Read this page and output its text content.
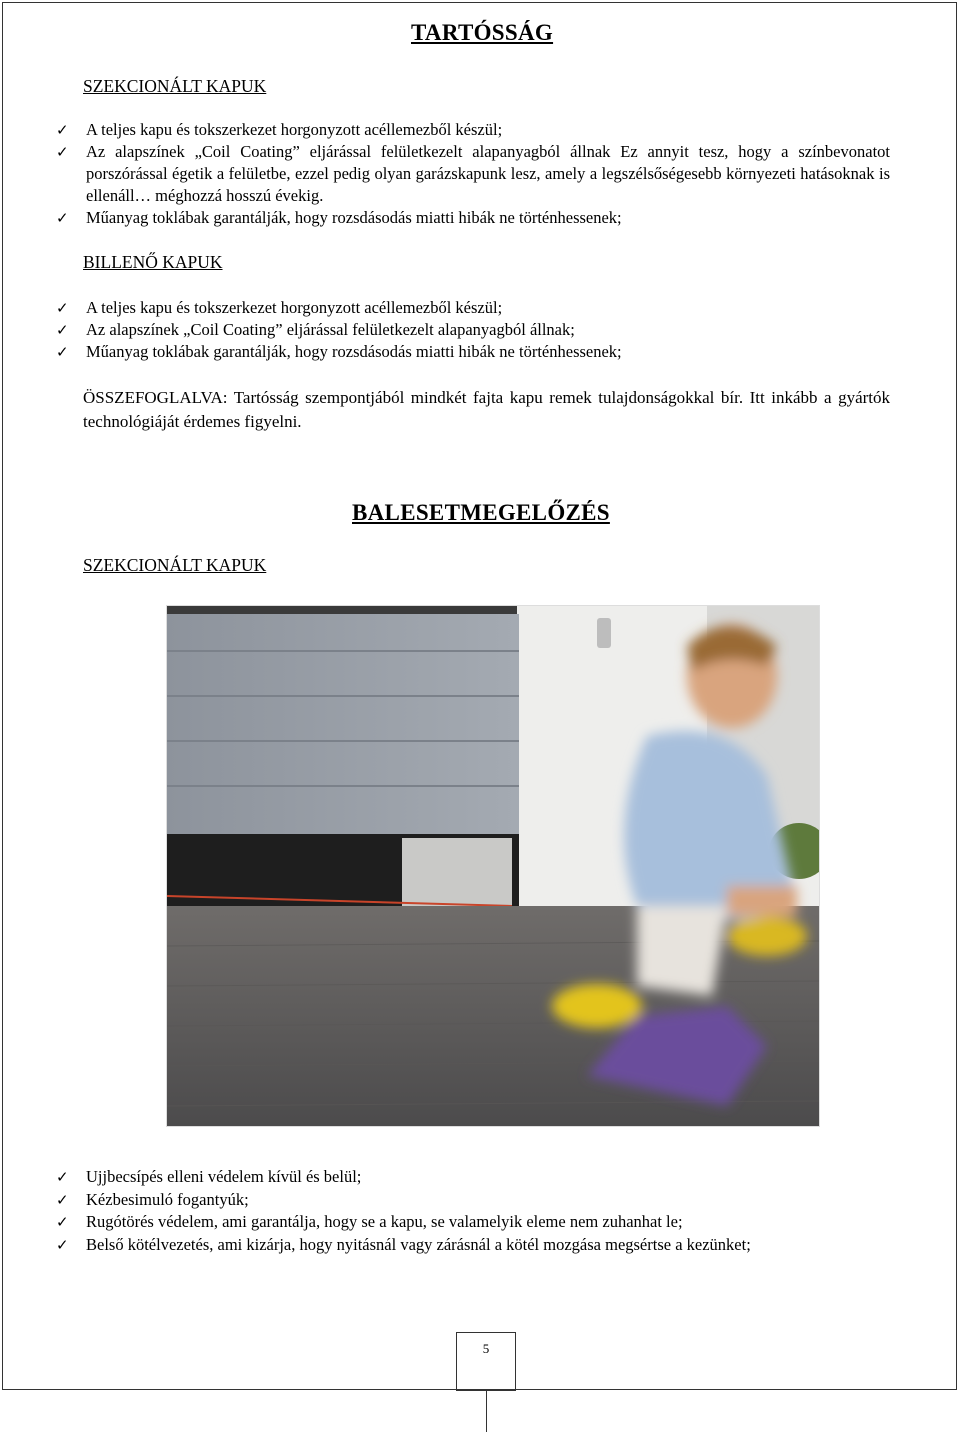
TARTÓSSÁG
SZEKCIONÁLT KAPUK
✓ A teljes kapu és tokszerkezet horgonyzott acéllemezből készül;
✓ Az alapszínek „Coil Coating” eljárással felületkezelt alapanyagból állnak Ez annyit tesz, hogy a színbevonatot porszórással égetik a felületbe, ezzel pedig olyan garázskapunk lesz, amely a legszélsőségesebb környezeti hatásoknak is ellenáll… méghozzá hosszú évekig.
✓ Műanyag toklábak garantálják, hogy rozsdásodás miatti hibák ne történhessenek;
BILLENŐ KAPUK
✓ A teljes kapu és tokszerkezet horgonyzott acéllemezből készül;
✓ Az alapszínek „Coil Coating” eljárással felületkezelt alapanyagból állnak;
✓ Műanyag toklábak garantálják, hogy rozsdásodás miatti hibák ne történhessenek;
ÖSSZEFOGLALVA: Tartósság szempontjából mindkét fajta kapu remek tulajdonságokkal bír. Itt inkább a gyártók technológiáját érdemes figyelni.
BALESETMEGELŐZÉS
SZEKCIONÁLT KAPUK
✓ Ujjbecsípés elleni védelem kívül és belül;
✓ Kézbesimuló fogantyúk;
✓ Rugótörés védelem, ami garantálja, hogy se a kapu, se valamelyik eleme nem zuhanhat le;
✓ Belső kötélvezetés, ami kizárja, hogy nyitásnál vagy zárásnál a kötél mozgása megsértse a kezünket;
5
